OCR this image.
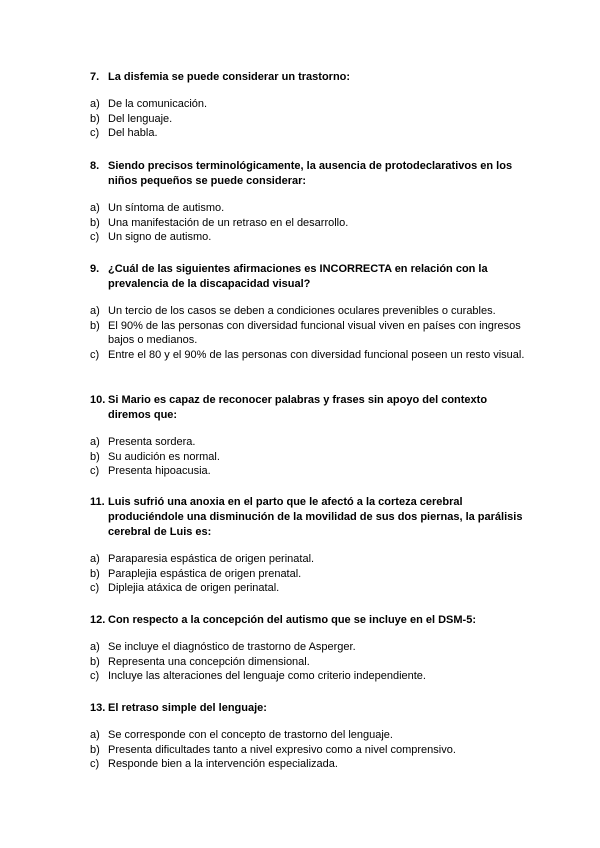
7. La disfemia se puede considerar un trastorno:
a) De la comunicación.
b) Del lenguaje.
c) Del habla.
8. Siendo precisos terminológicamente, la ausencia de protodeclarativos en los niños pequeños se puede considerar:
a) Un síntoma de autismo.
b) Una manifestación de un retraso en el desarrollo.
c) Un signo de autismo.
9. ¿Cuál de las siguientes afirmaciones es INCORRECTA en relación con la prevalencia de la discapacidad visual?
a) Un tercio de los casos se deben a condiciones oculares prevenibles o curables.
b) El 90% de las personas con diversidad funcional visual viven en países con ingresos bajos o medianos.
c) Entre el 80 y el 90% de las personas con diversidad funcional poseen un resto visual.
10. Si Mario es capaz de reconocer palabras y frases sin apoyo del contexto diremos que:
a) Presenta sordera.
b) Su audición es normal.
c) Presenta hipoacusia.
11. Luis sufrió una anoxia en el parto que le afectó a la corteza cerebral produciéndole una disminución de la movilidad de sus dos piernas, la parálisis cerebral de Luis es:
a) Paraparesia espástica de origen perinatal.
b) Paraplejia espástica de origen prenatal.
c) Diplejia atáxica de origen perinatal.
12. Con respecto a la concepción del autismo que se incluye en el DSM-5:
a) Se incluye el diagnóstico de trastorno de Asperger.
b) Representa una concepción dimensional.
c) Incluye las alteraciones del lenguaje como criterio independiente.
13. El retraso simple del lenguaje:
a) Se corresponde con el concepto de trastorno del lenguaje.
b) Presenta dificultades tanto a nivel expresivo como a nivel comprensivo.
c) Responde bien a la intervención especializada.
